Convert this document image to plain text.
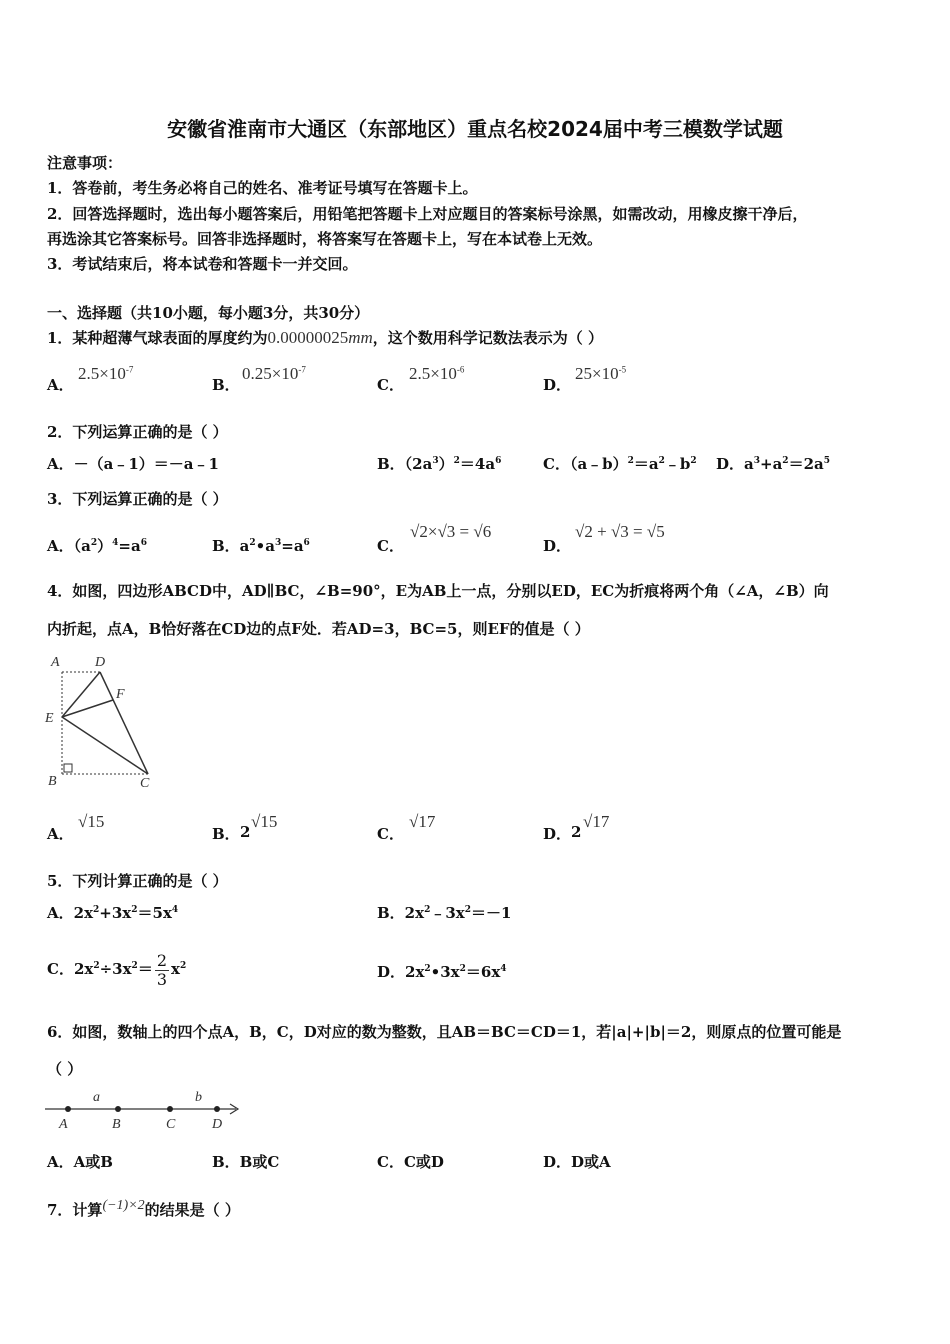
安徽省淮南市大通区（东部地区）重点名校2024届中考三模数学试题
注意事项：
1．答卷前，考生务必将自己的姓名、准考证号填写在答题卡上。
2．回答选择题时，选出每小题答案后，用铅笔把答题卡上对应题目的答案标号涂黑，如需改动，用橡皮擦干净后，
再选涂其它答案标号。回答非选择题时，将答案写在答题卡上，写在本试卷上无效。
3．考试结束后，将本试卷和答题卡一并交回。
一、选择题（共10小题，每小题3分，共30分）
1．某种超薄气球表面的厚度约为0.00000025mm，这个数用科学记数法表示为（ ）
A．
$2.5\times 10^{-7}$
B．
$0.25\times 10^{-7}$
C．
$2.5\times 10^{-6}$
D．
$25\times 10^{-5}$
2．下列运算正确的是（ ）
A．－（a﹣1）＝－a﹣1	B．$(2a^3)^2=4a^6$	C．$(a﹣b)^2=a^2﹣b^2$ D．$a^3+a^2=2a^5$
3．下列运算正确的是（ ）
A．$(a^2)^4=a^6$	B．$a^2•a^3=a^6$	C．
√2×√3 = √6
D．
√2 + √3 = √5
4．如图，四边形ABCD中，AD∥BC，∠B=90°，E为AB上一点，分别以ED，EC为折痕将两个角（∠A，∠B）向
内折起，点A，B恰好落在CD边的点F处．若AD=3，BC=5，则EF的值是（ ）
A	D
F
E
B	C
A．
√15
B． 2
√15
C．
√17
D． 2
√17
5．下列计算正确的是（ ）
A．$2x^2+3x^2=5x^4$	B．$2x^2﹣3x^2=-1$
C．$2x^2\div 3x^2= \frac{2}{3} x^2$	D．$2x^2•3x^2=6x^4$
6．如图，数轴上的四个点A，B，C，D对应的数为整数，且AB＝BC＝CD＝1，若|a|+|b|＝2，则原点的位置可能是
（ ）
a	b
A	B	C	D
A．A或B	B．B或C	C．C或D	D．D或A
7．计算(−1)×2的结果是（ ）
